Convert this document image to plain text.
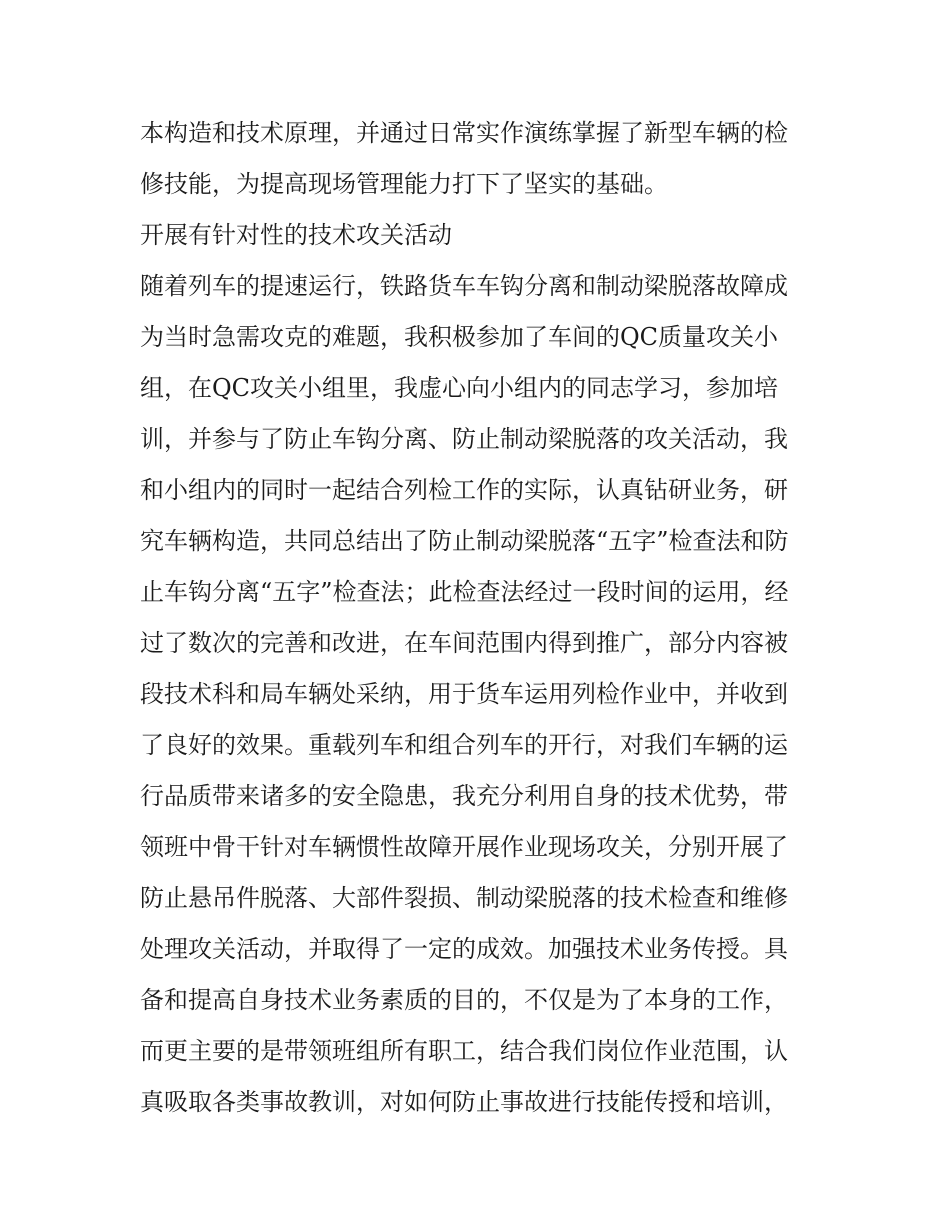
本构造和技术原理，并通过日常实作演练掌握了新型车辆的检
修技能，为提高现场管理能力打下了坚实的基础。
开展有针对性的技术攻关活动
随着列车的提速运行，铁路货车车钩分离和制动梁脱落故障成
为当时急需攻克的难题，我积极参加了车间的QC质量攻关小
组，在QC攻关小组里，我虚心向小组内的同志学习，参加培
训，并参与了防止车钩分离、防止制动梁脱落的攻关活动，我
和小组内的同时一起结合列检工作的实际，认真钻研业务，研
究车辆构造，共同总结出了防止制动梁脱落“五字”检查法和防
止车钩分离“五字”检查法；此检查法经过一段时间的运用，经
过了数次的完善和改进，在车间范围内得到推广，部分内容被
段技术科和局车辆处采纳，用于货车运用列检作业中，并收到
了良好的效果。重载列车和组合列车的开行，对我们车辆的运
行品质带来诸多的安全隐患，我充分利用自身的技术优势，带
领班中骨干针对车辆惯性故障开展作业现场攻关，分别开展了
防止悬吊件脱落、大部件裂损、制动梁脱落的技术检查和维修
处理攻关活动，并取得了一定的成效。加强技术业务传授。具
备和提高自身技术业务素质的目的，不仅是为了本身的工作，
而更主要的是带领班组所有职工，结合我们岗位作业范围，认
真吸取各类事故教训，对如何防止事故进行技能传授和培训，
